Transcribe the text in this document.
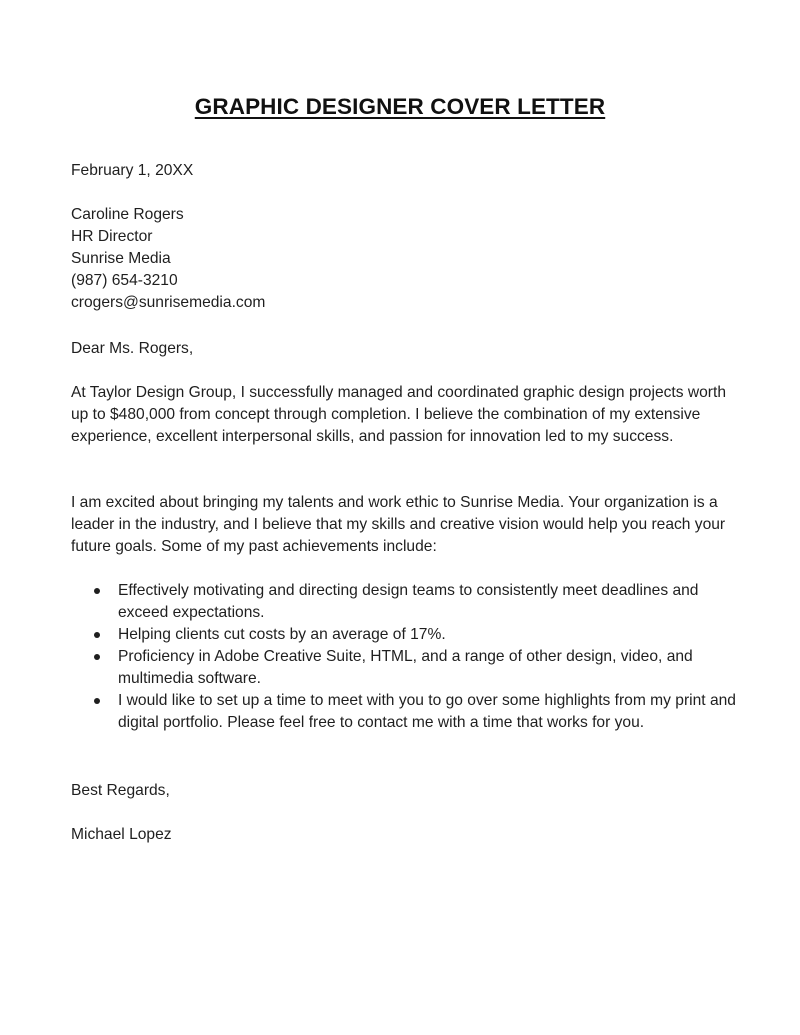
GRAPHIC DESIGNER COVER LETTER
February 1, 20XX
Caroline Rogers
HR Director
Sunrise Media
(987) 654-3210
crogers@sunrisemedia.com
Dear Ms. Rogers,

At Taylor Design Group, I successfully managed and coordinated graphic design projects worth up to $480,000 from concept through completion. I believe the combination of my extensive experience, excellent interpersonal skills, and passion for innovation led to my success.

I am excited about bringing my talents and work ethic to Sunrise Media. Your organization is a leader in the industry, and I believe that my skills and creative vision would help you reach your future goals. Some of my past achievements include:

Effectively motivating and directing design teams to consistently meet deadlines and exceed expectations.
Helping clients cut costs by an average of 17%.
Proficiency in Adobe Creative Suite, HTML, and a range of other design, video, and multimedia software.
I would like to set up a time to meet with you to go over some highlights from my print and digital portfolio. Please feel free to contact me with a time that works for you.
Best Regards,
Michael Lopez
